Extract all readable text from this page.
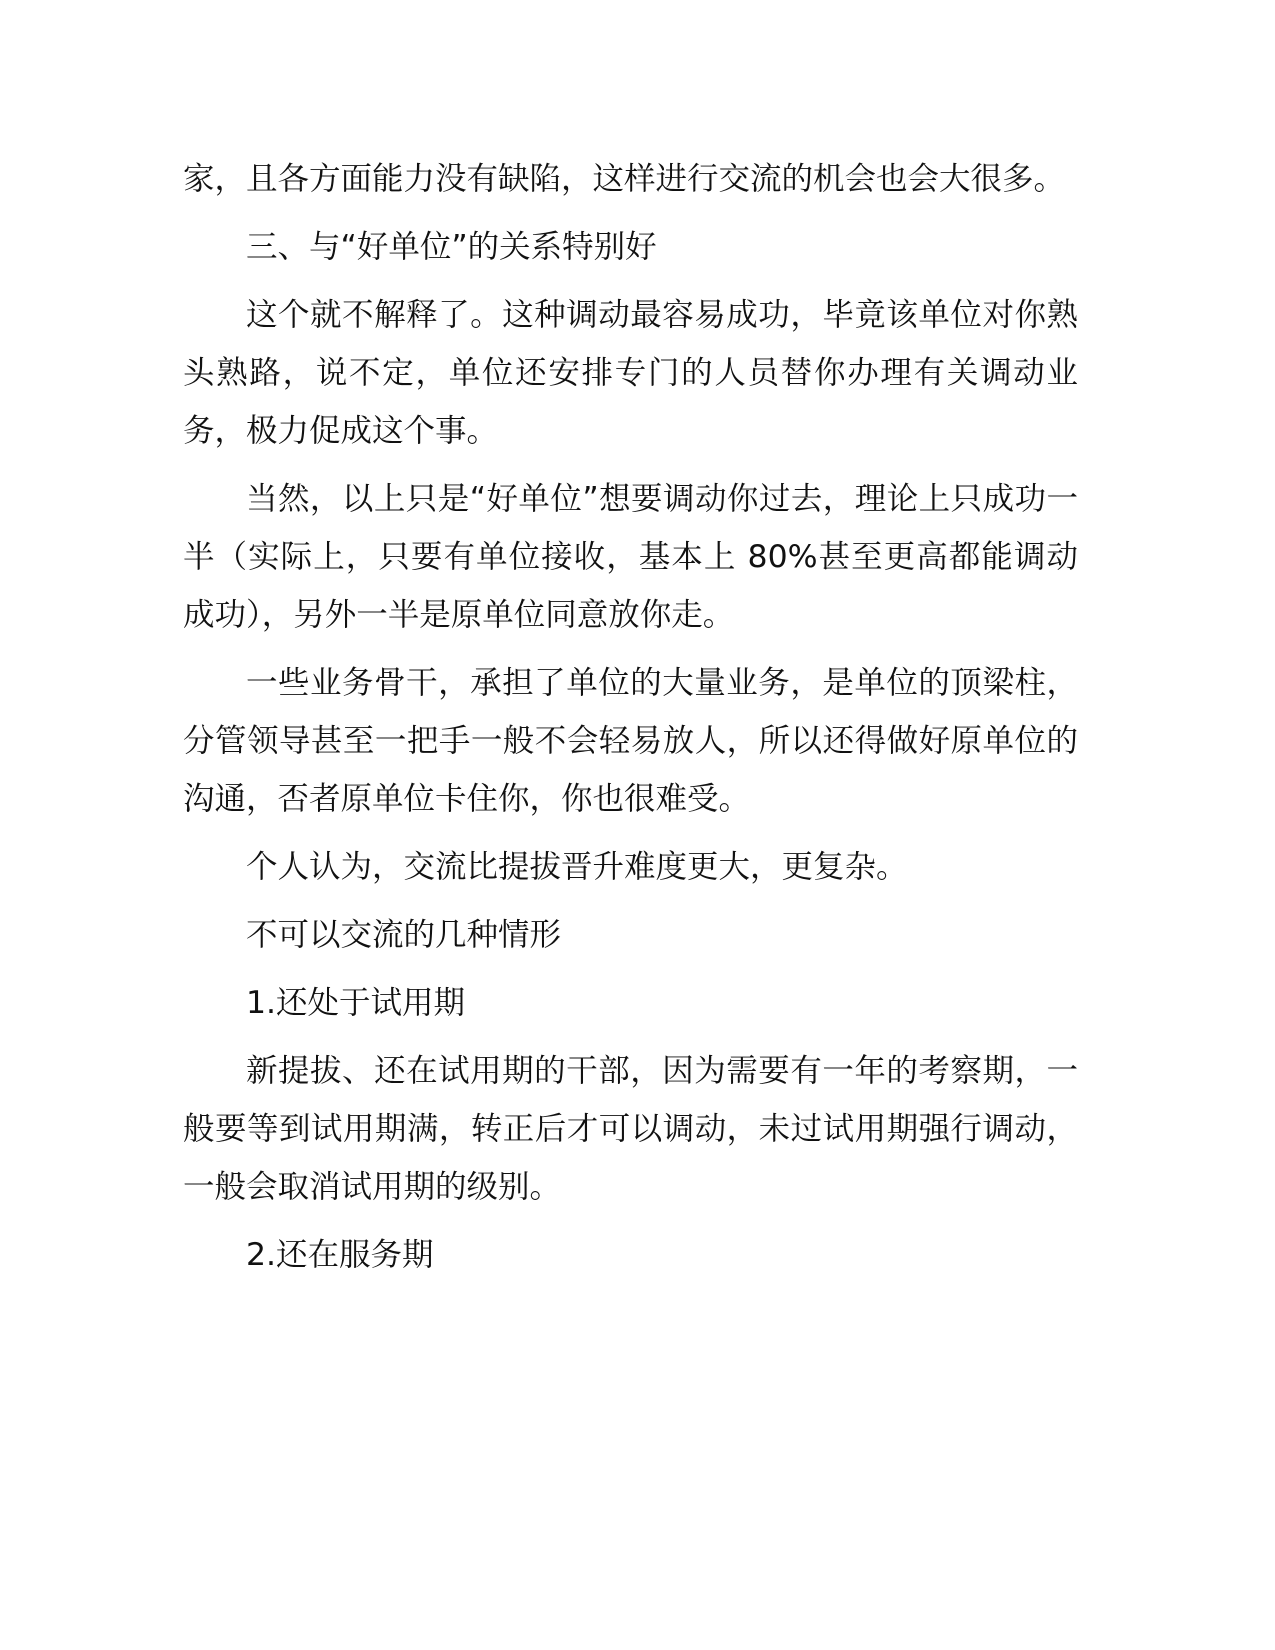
家，且各方面能力没有缺陷，这样进行交流的机会也会大很多。

三、与“好单位”的关系特别好

这个就不解释了。这种调动最容易成功，毕竟该单位对你熟头熟路，说不定，单位还安排专门的人员替你办理有关调动业务，极力促成这个事。

当然，以上只是“好单位”想要调动你过去，理论上只成功一半（实际上，只要有单位接收，基本上 80%甚至更高都能调动成功），另外一半是原单位同意放你走。

一些业务骨干，承担了单位的大量业务，是单位的顶梁柱，分管领导甚至一把手一般不会轻易放人，所以还得做好原单位的沟通，否者原单位卡住你，你也很难受。

个人认为，交流比提拔晋升难度更大，更复杂。

不可以交流的几种情形

1.还处于试用期

新提拔、还在试用期的干部，因为需要有一年的考察期，一般要等到试用期满，转正后才可以调动，未过试用期强行调动，一般会取消试用期的级别。

2.还在服务期
